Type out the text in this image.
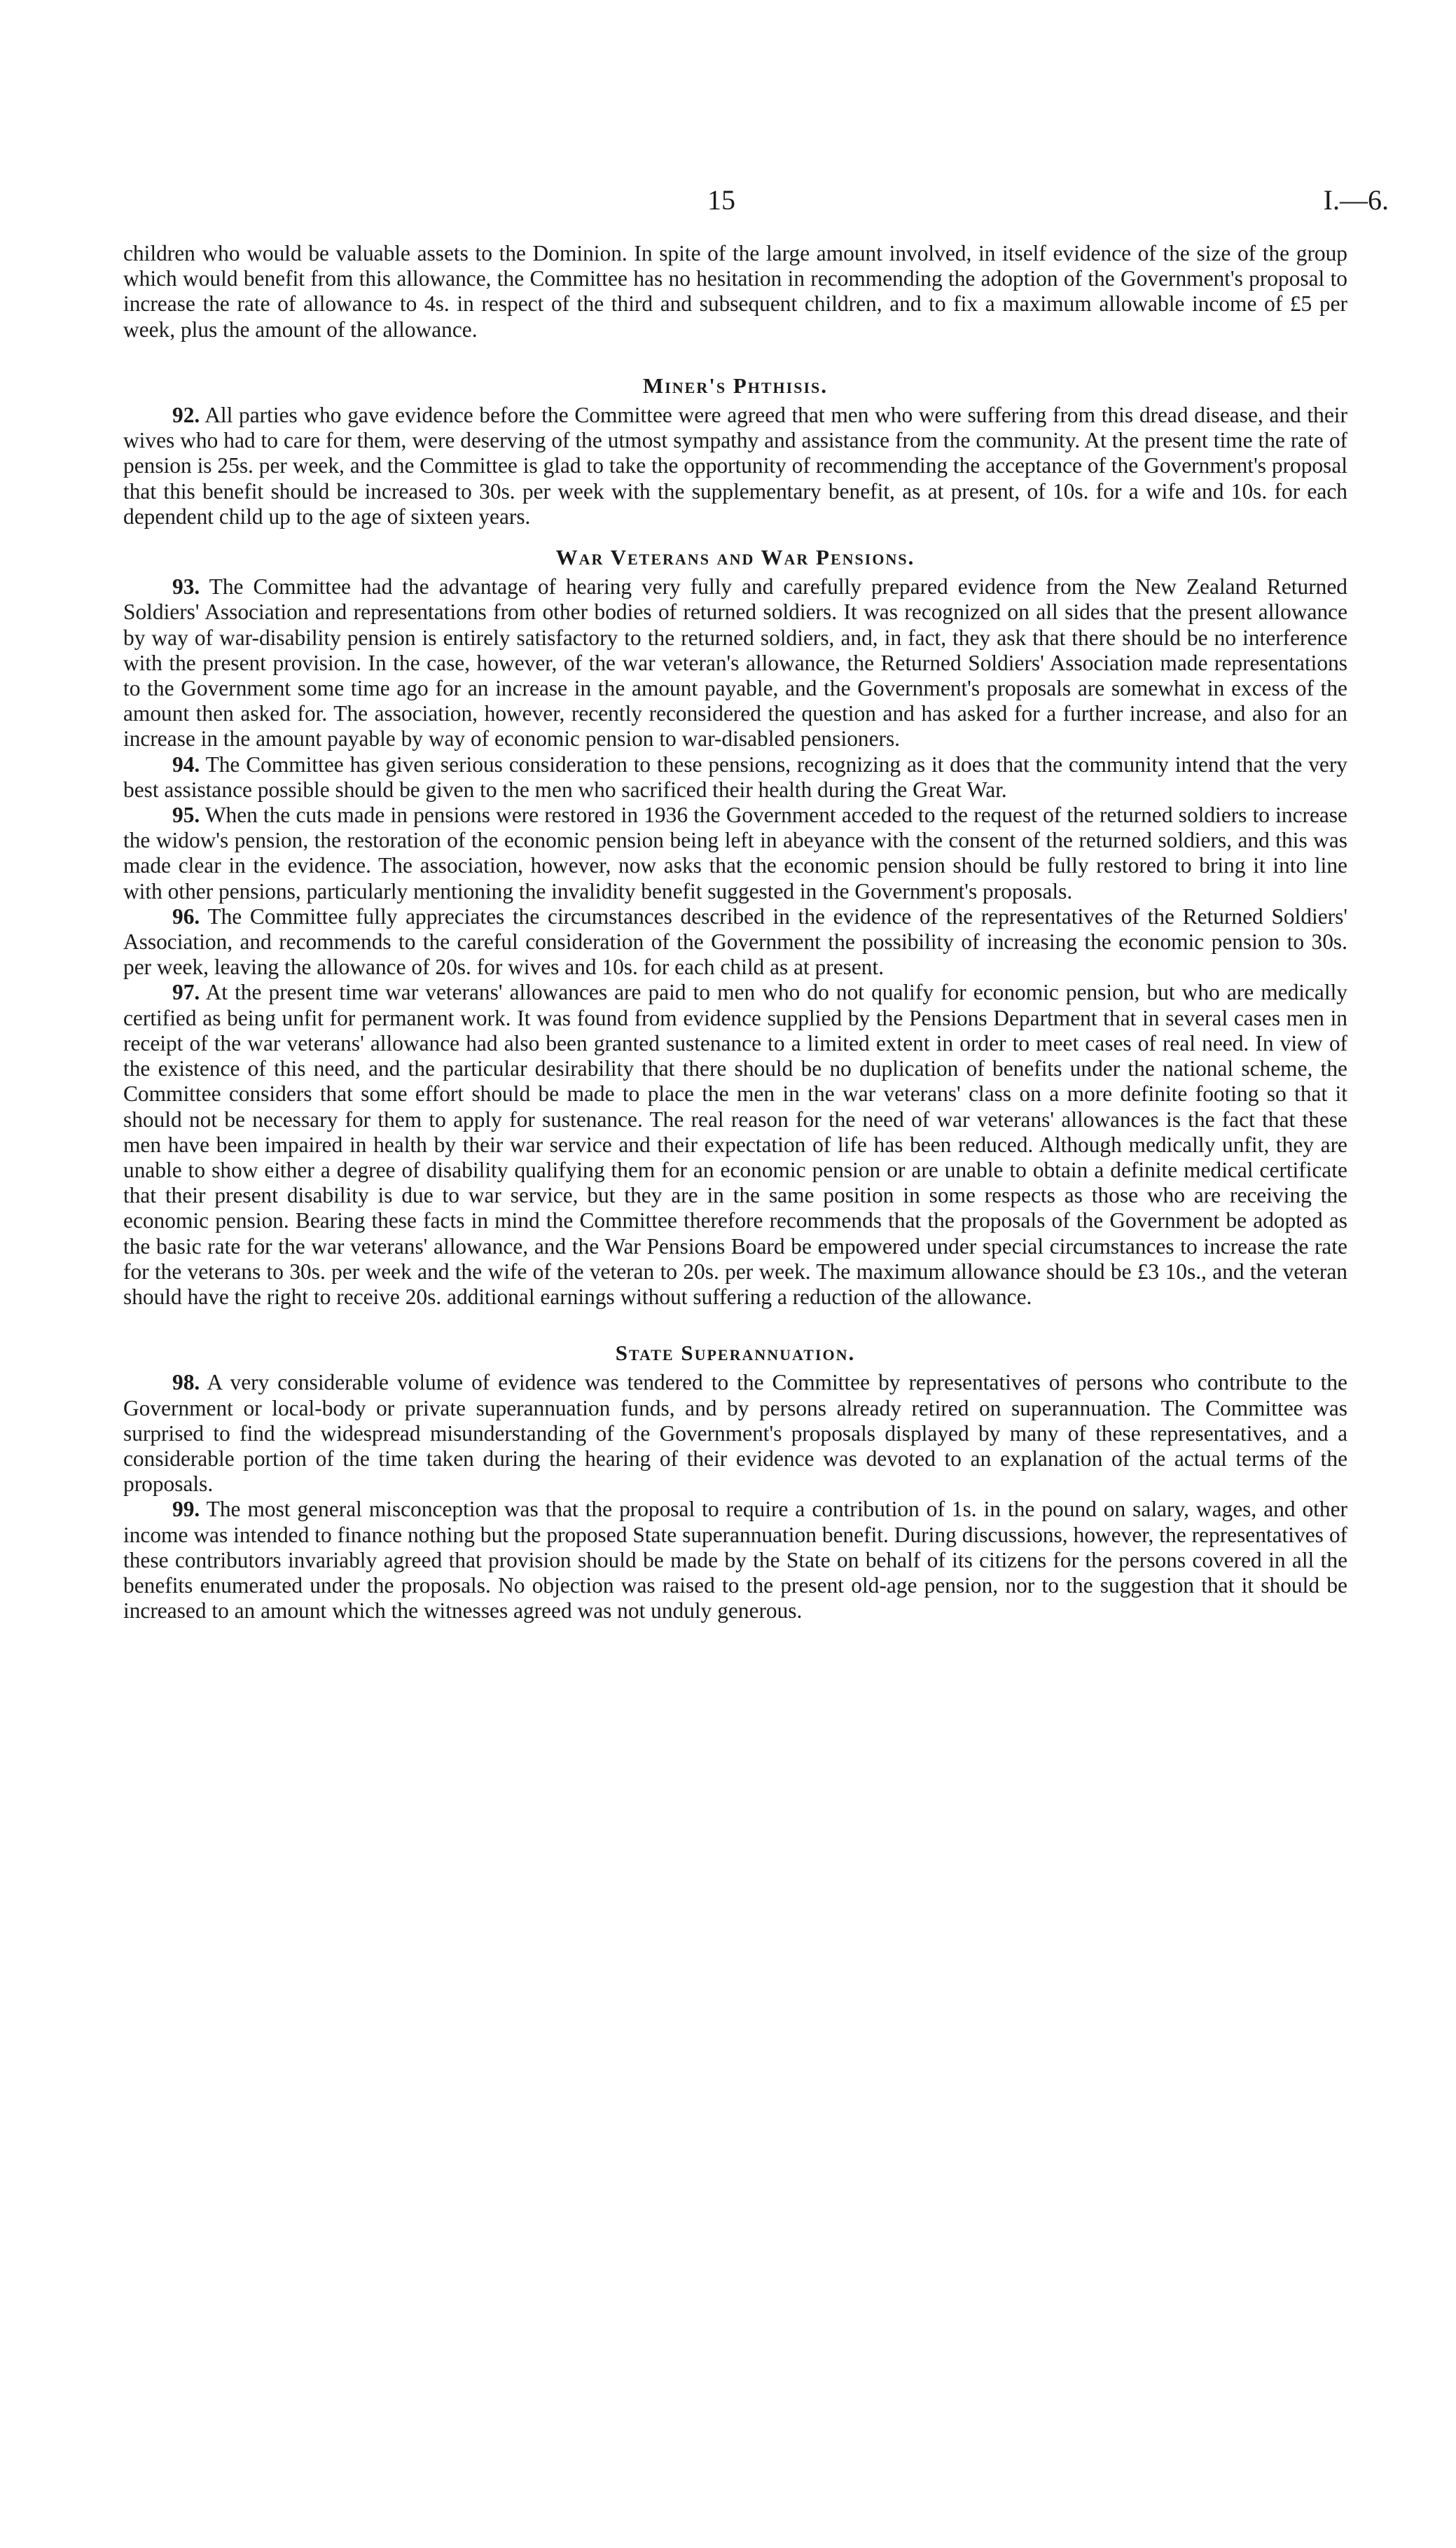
15	I.—6.

children who would be valuable assets to the Dominion. In spite of the large amount involved, in itself evidence of the size of the group which would benefit from this allowance, the Committee has no hesitation in recommending the adoption of the Government's proposal to increase the rate of allowance to 4s. in respect of the third and subsequent children, and to fix a maximum allowable income of £5 per week, plus the amount of the allowance.

Miner's Phthisis.

92. All parties who gave evidence before the Committee were agreed that men who were suffering from this dread disease, and their wives who had to care for them, were deserving of the utmost sympathy and assistance from the community. At the present time the rate of pension is 25s. per week, and the Committee is glad to take the opportunity of recommending the acceptance of the Government's proposal that this benefit should be increased to 30s. per week with the supplementary benefit, as at present, of 10s. for a wife and 10s. for each dependent child up to the age of sixteen years.

War Veterans and War Pensions.

93. The Committee had the advantage of hearing very fully and carefully prepared evidence from the New Zealand Returned Soldiers' Association and representations from other bodies of returned soldiers. It was recognized on all sides that the present allowance by way of war-disability pension is entirely satisfactory to the returned soldiers, and, in fact, they ask that there should be no interference with the present provision. In the case, however, of the war veteran's allowance, the Returned Soldiers' Association made representations to the Government some time ago for an increase in the amount payable, and the Government's proposals are somewhat in excess of the amount then asked for. The association, however, recently reconsidered the question and has asked for a further increase, and also for an increase in the amount payable by way of economic pension to war-disabled pensioners.

94. The Committee has given serious consideration to these pensions, recognizing as it does that the community intend that the very best assistance possible should be given to the men who sacrificed their health during the Great War.

95. When the cuts made in pensions were restored in 1936 the Government acceded to the request of the returned soldiers to increase the widow's pension, the restoration of the economic pension being left in abeyance with the consent of the returned soldiers, and this was made clear in the evidence. The association, however, now asks that the economic pension should be fully restored to bring it into line with other pensions, particularly mentioning the invalidity benefit suggested in the Government's proposals.

96. The Committee fully appreciates the circumstances described in the evidence of the representatives of the Returned Soldiers' Association, and recommends to the careful consideration of the Government the possibility of increasing the economic pension to 30s. per week, leaving the allowance of 20s. for wives and 10s. for each child as at present.

97. At the present time war veterans' allowances are paid to men who do not qualify for economic pension, but who are medically certified as being unfit for permanent work. It was found from evidence supplied by the Pensions Department that in several cases men in receipt of the war veterans' allowance had also been granted sustenance to a limited extent in order to meet cases of real need. In view of the existence of this need, and the particular desirability that there should be no duplication of benefits under the national scheme, the Committee considers that some effort should be made to place the men in the war veterans' class on a more definite footing so that it should not be necessary for them to apply for sustenance. The real reason for the need of war veterans' allowances is the fact that these men have been impaired in health by their war service and their expectation of life has been reduced. Although medically unfit, they are unable to show either a degree of disability qualifying them for an economic pension or are unable to obtain a definite medical certificate that their present disability is due to war service, but they are in the same position in some respects as those who are receiving the economic pension. Bearing these facts in mind the Committee therefore recommends that the proposals of the Government be adopted as the basic rate for the war veterans' allowance, and the War Pensions Board be empowered under special circumstances to increase the rate for the veterans to 30s. per week and the wife of the veteran to 20s. per week. The maximum allowance should be £3 10s., and the veteran should have the right to receive 20s. additional earnings without suffering a reduction of the allowance.

State Superannuation.

98. A very considerable volume of evidence was tendered to the Committee by representatives of persons who contribute to the Government or local-body or private superannuation funds, and by persons already retired on superannuation. The Committee was surprised to find the widespread misunderstanding of the Government's proposals displayed by many of these representatives, and a considerable portion of the time taken during the hearing of their evidence was devoted to an explanation of the actual terms of the proposals.

99. The most general misconception was that the proposal to require a contribution of 1s. in the pound on salary, wages, and other income was intended to finance nothing but the proposed State superannuation benefit. During discussions, however, the representatives of these contributors invariably agreed that provision should be made by the State on behalf of its citizens for the persons covered in all the benefits enumerated under the proposals. No objection was raised to the present old-age pension, nor to the suggestion that it should be increased to an amount which the witnesses agreed was not unduly generous.
